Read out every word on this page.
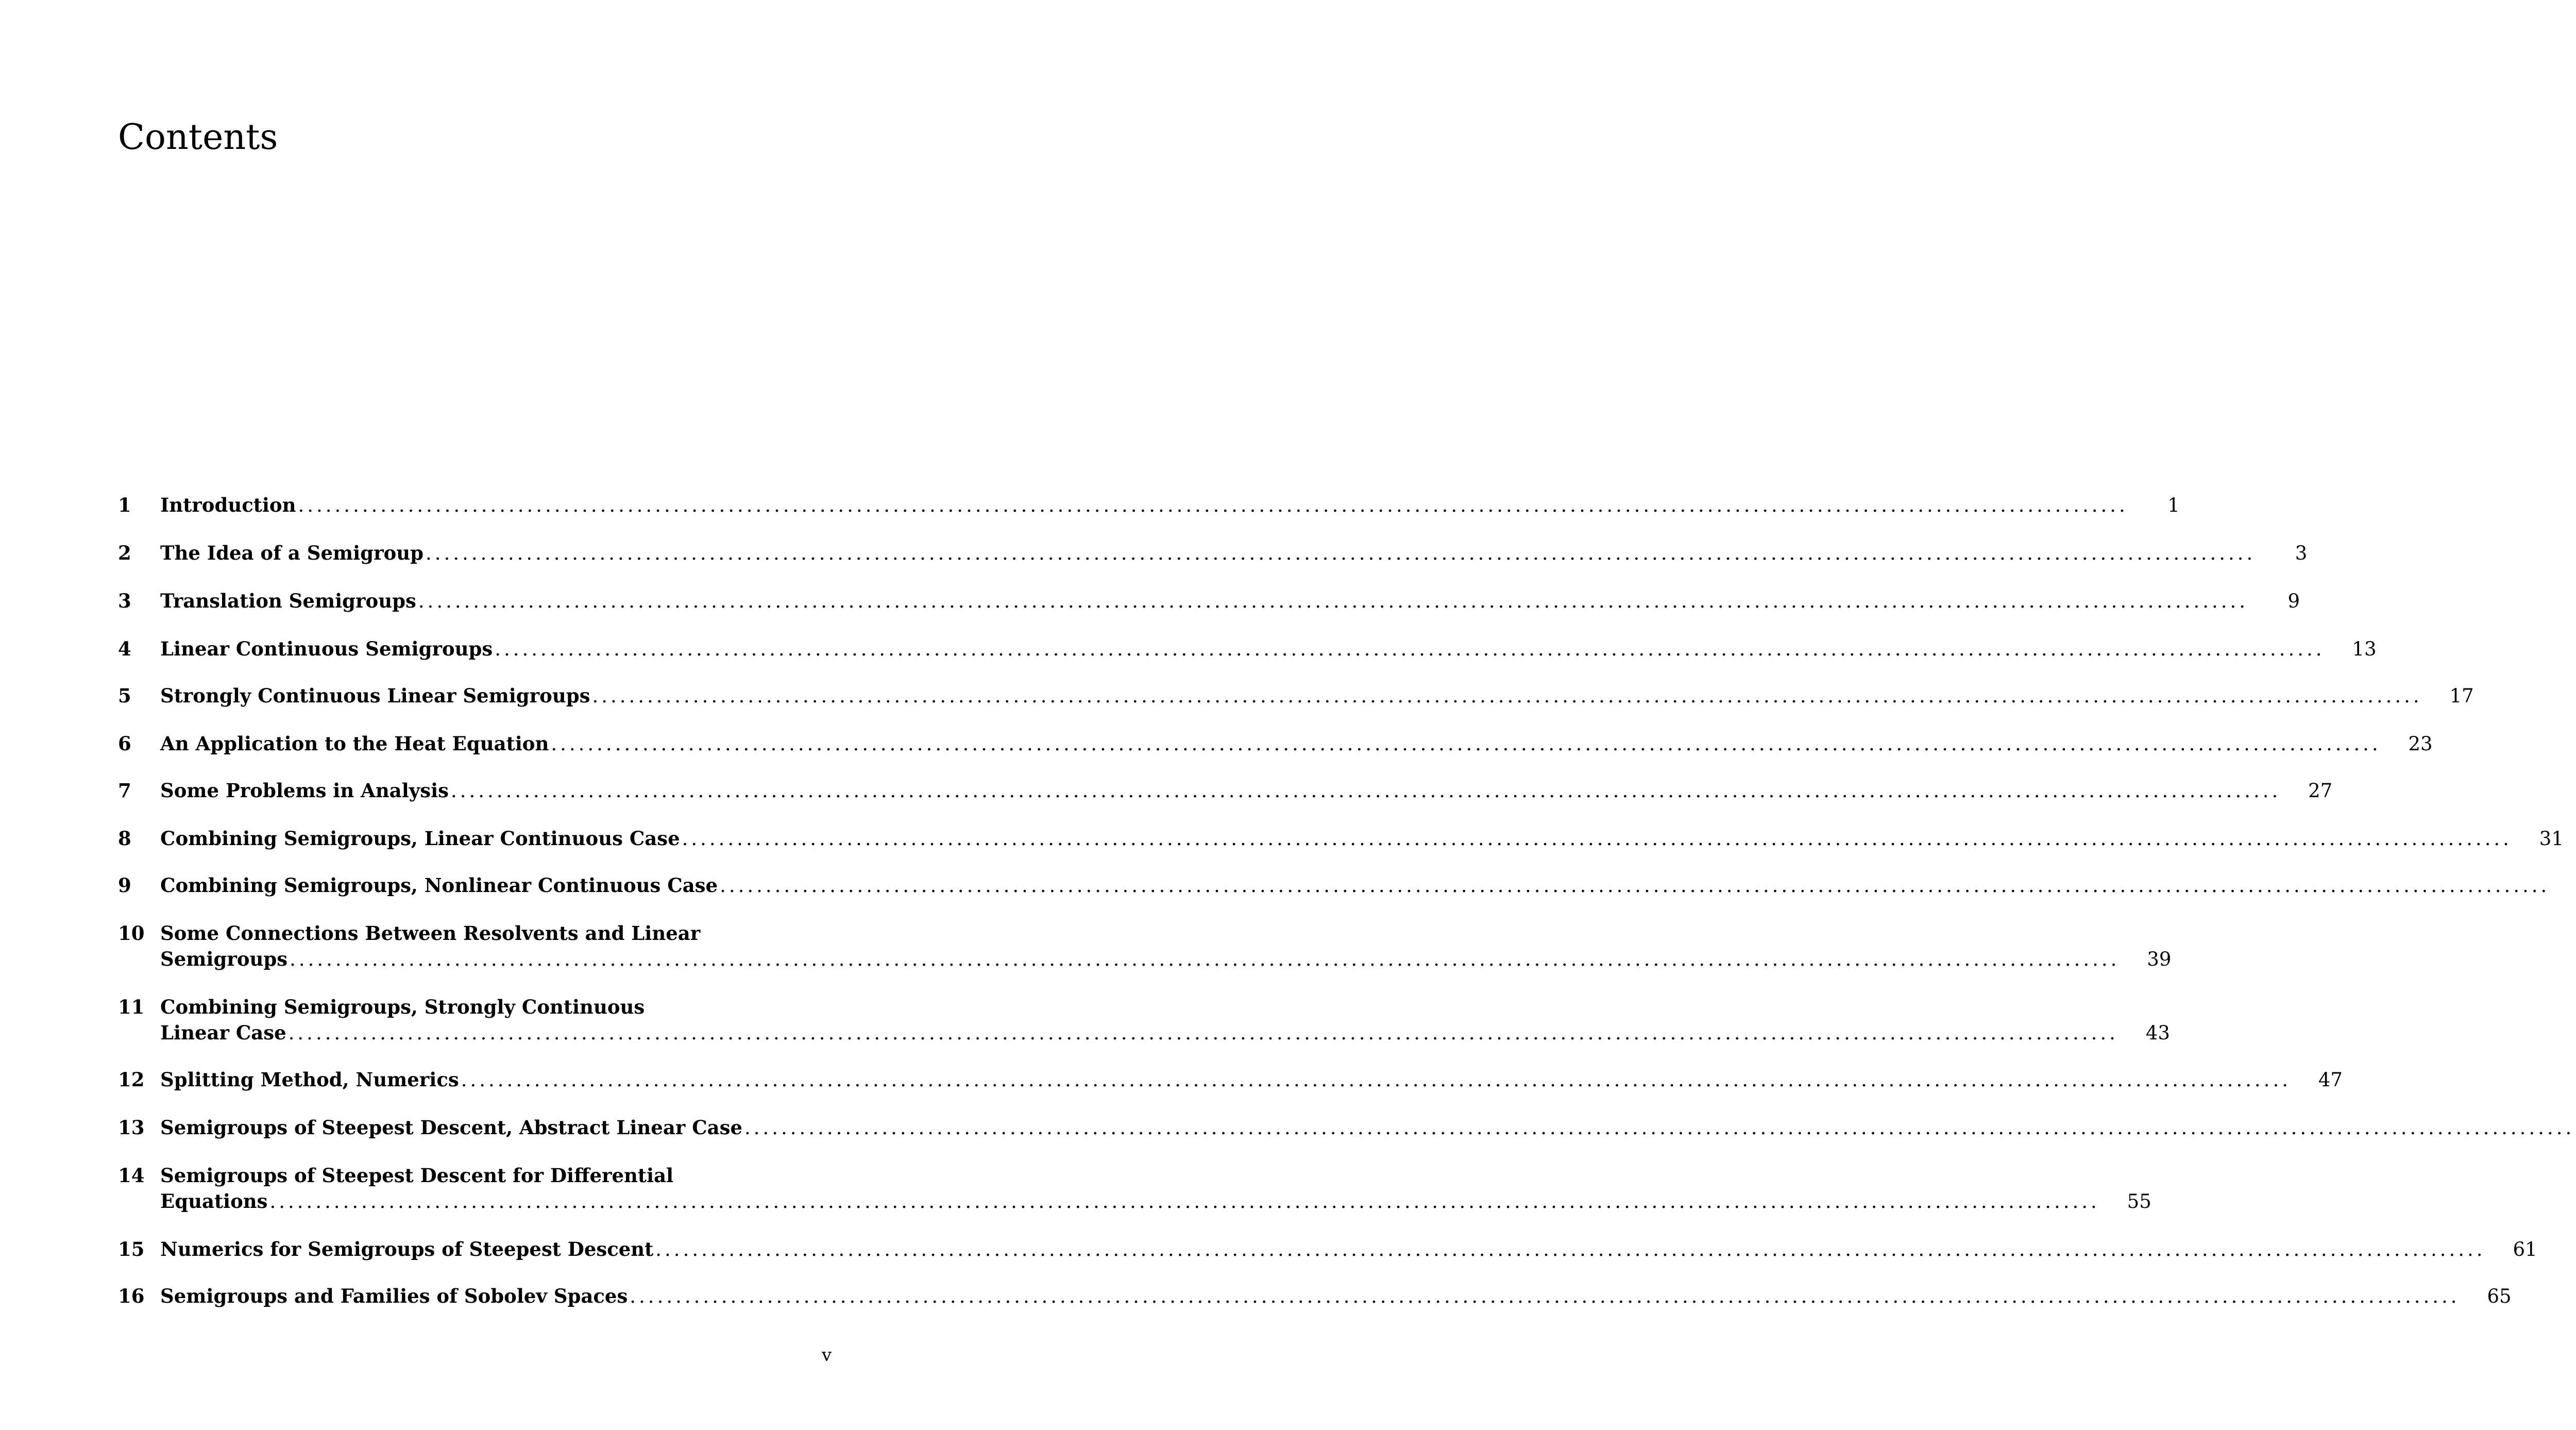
Contents
1	Introduction ........................................................................................................................................................................................................	1
2	The Idea of a Semigroup ........................................................................................................................................................................................................	3
3	Translation Semigroups ........................................................................................................................................................................................................	9
4	Linear Continuous Semigroups ........................................................................................................................................................................................................	13
5	Strongly Continuous Linear Semigroups ........................................................................................................................................................................................................	17
6	An Application to the Heat Equation ........................................................................................................................................................................................................	23
7	Some Problems in Analysis ........................................................................................................................................................................................................	27
8	Combining Semigroups, Linear Continuous Case ........................................................................................................................................................................................................	31
9	Combining Semigroups, Nonlinear Continuous Case ........................................................................................................................................................................................................
10 Some Connections Between Resolvents and Linear
Semigroups ........................................................................................................................................................................................................	39
11 Combining Semigroups, Strongly Continuous
Linear Case ........................................................................................................................................................................................................	43
12 Splitting Method, Numerics ........................................................................................................................................................................................................	47
13 Semigroups of Steepest Descent, Abstract Linear Case ........................................................................................................................................................................................................
14 Semigroups of Steepest Descent for Differential
Equations ........................................................................................................................................................................................................	55
15 Numerics for Semigroups of Steepest Descent ........................................................................................................................................................................................................	61
16 Semigroups and Families of Sobolev Spaces ........................................................................................................................................................................................................	65
v
